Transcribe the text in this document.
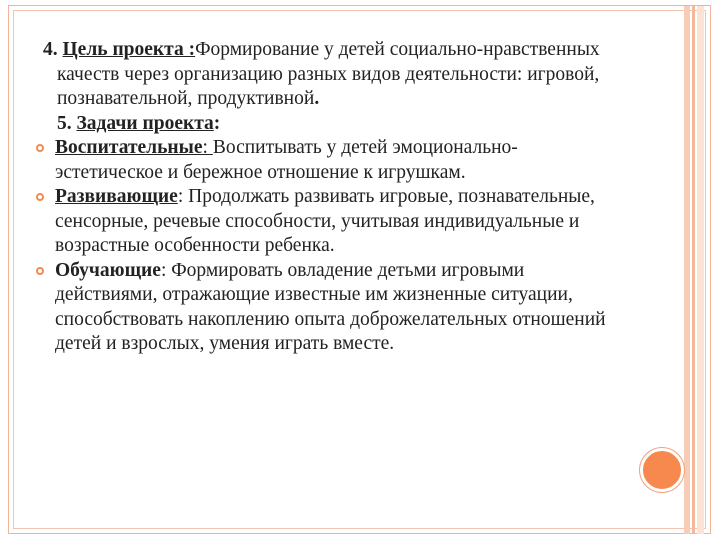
4. Цель проекта :Формирование у детей социально-нравственных качеств через организацию разных видов деятельности: игровой, познавательной, продуктивной.

5. Задачи проекта:

Воспитательные: Воспитывать у детей эмоционально-эстетическое и бережное отношение к игрушкам.

Развивающие: Продолжать развивать игровые, познавательные, сенсорные, речевые способности, учитывая индивидуальные и возрастные особенности ребенка.

Обучающие: Формировать овладение детьми игровыми действиями, отражающие известные им жизненные ситуации, способствовать накоплению опыта доброжелательных отношений детей и взрослых, умения играть вместе.
